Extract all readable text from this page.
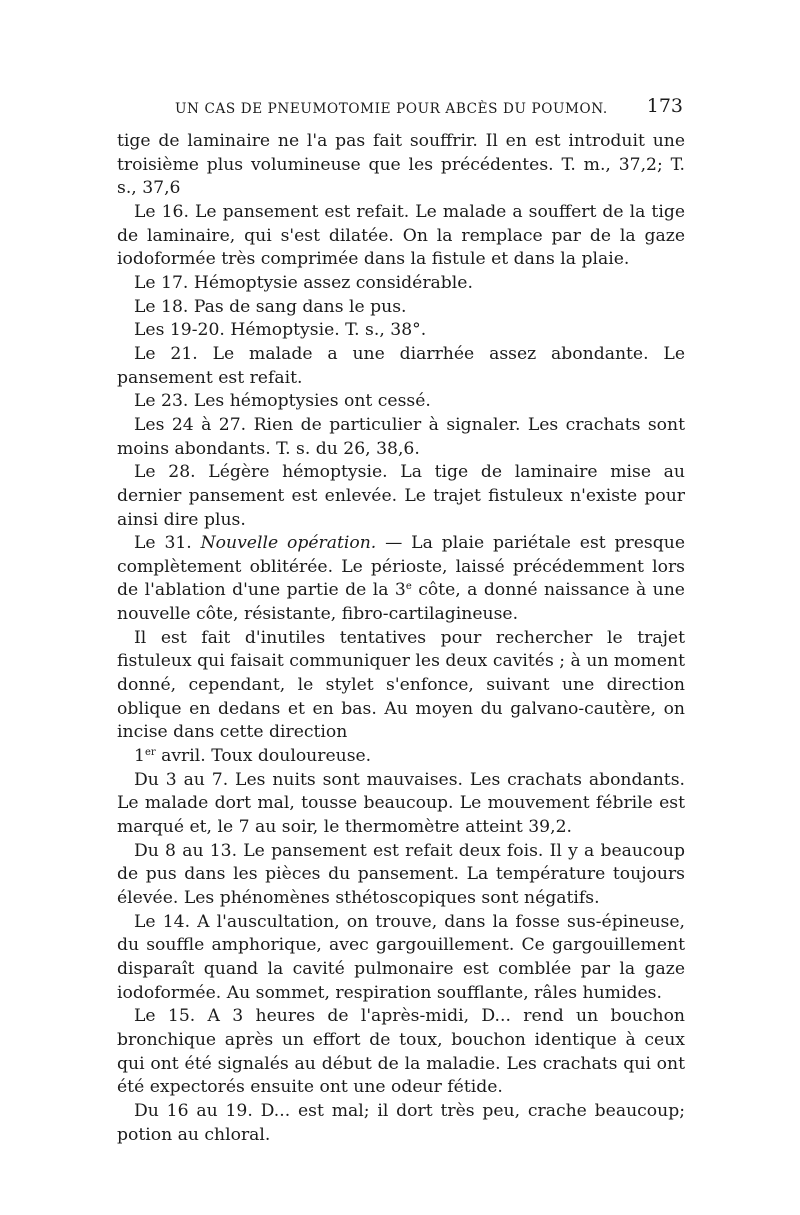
UN CAS DE PNEUMOTOMIE POUR ABCÈS DU POUMON. 173

tige de laminaire ne l'a pas fait souffrir. Il en est introduit une troisième plus volumineuse que les précédentes. T. m., 37,2; T. s., 37,6

Le 16. Le pansement est refait. Le malade a souffert de la tige de laminaire, qui s'est dilatée. On la remplace par de la gaze iodoformée très comprimée dans la fistule et dans la plaie.

Le 17. Hémoptysie assez considérable.

Le 18. Pas de sang dans le pus.

Les 19-20. Hémoptysie. T. s., 38°.

Le 21. Le malade a une diarrhée assez abondante. Le pansement est refait.

Le 23. Les hémoptysies ont cessé.

Les 24 à 27. Rien de particulier à signaler. Les crachats sont moins abondants. T. s. du 26, 38,6.

Le 28. Légère hémoptysie. La tige de laminaire mise au dernier pansement est enlevée. Le trajet fistuleux n'existe pour ainsi dire plus.

Le 31. Nouvelle opération. — La plaie pariétale est presque complètement oblitérée. Le périoste, laissé précédemment lors de l'ablation d'une partie de la 3e côte, a donné naissance à une nouvelle côte, résistante, fibro-cartilagineuse.

Il est fait d'inutiles tentatives pour rechercher le trajet fistuleux qui faisait communiquer les deux cavités ; à un moment donné, cependant, le stylet s'enfonce, suivant une direction oblique en dedans et en bas. Au moyen du galvano-cautère, on incise dans cette direction

1er avril. Toux douloureuse.

Du 3 au 7. Les nuits sont mauvaises. Les crachats abondants. Le malade dort mal, tousse beaucoup. Le mouvement fébrile est marqué et, le 7 au soir, le thermomètre atteint 39,2.

Du 8 au 13. Le pansement est refait deux fois. Il y a beaucoup de pus dans les pièces du pansement. La température toujours élevée. Les phénomènes sthétoscopiques sont négatifs.

Le 14. A l'auscultation, on trouve, dans la fosse sus-épineuse, du souffle amphorique, avec gargouillement. Ce gargouillement disparaît quand la cavité pulmonaire est comblée par la gaze iodoformée. Au sommet, respiration soufflante, râles humides.

Le 15. A 3 heures de l'après-midi, D... rend un bouchon bronchique après un effort de toux, bouchon identique à ceux qui ont été signalés au début de la maladie. Les crachats qui ont été expectorés ensuite ont une odeur fétide.

Du 16 au 19. D... est mal; il dort très peu, crache beaucoup; potion au chloral.
